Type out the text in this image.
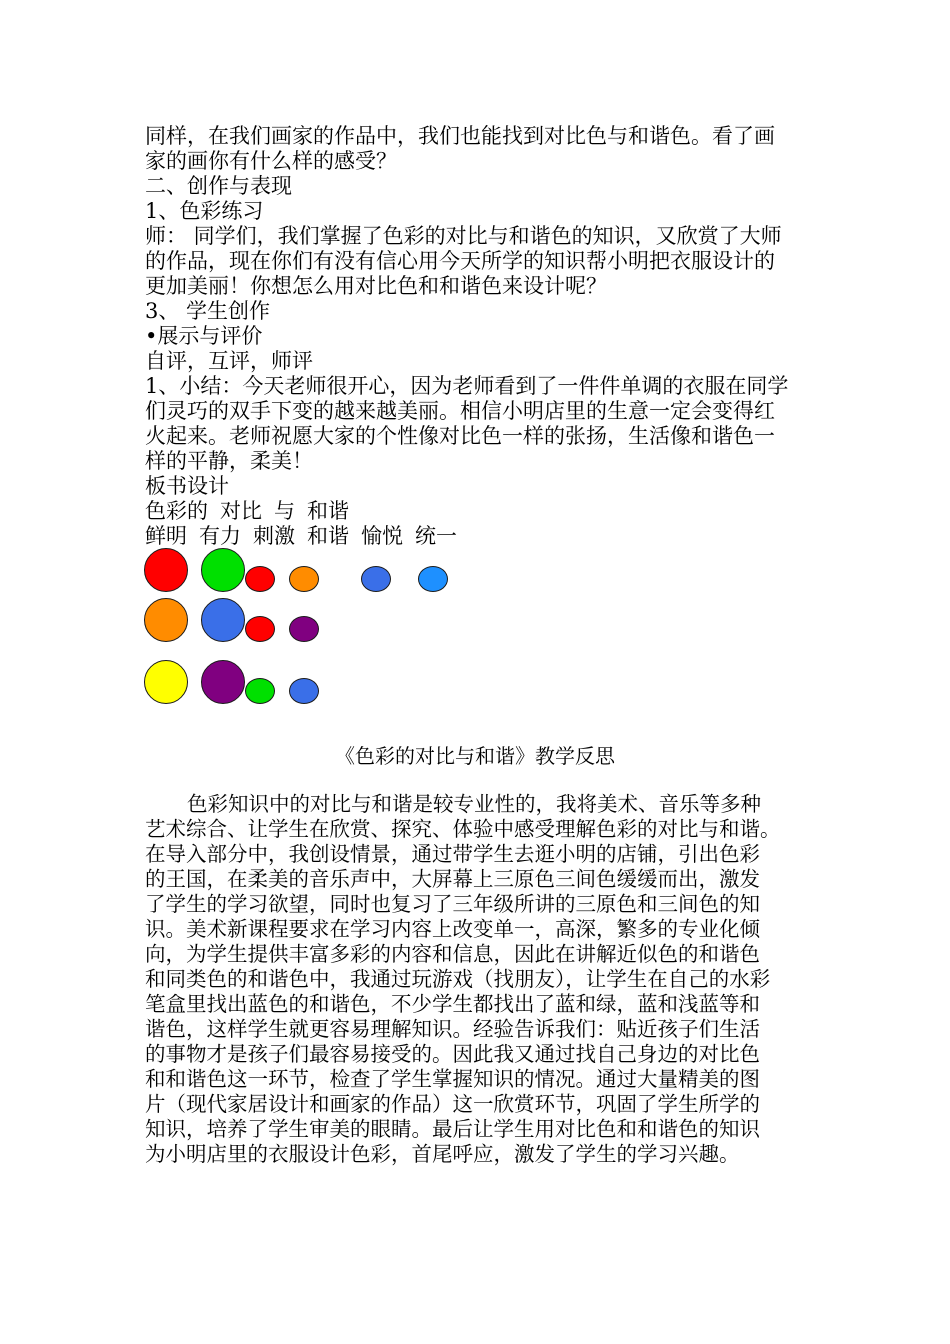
同样，在我们画家的作品中，我们也能找到对比色与和谐色。看了画
家的画你有什么样的感受？
二、创作与表现
1、色彩练习
师： 同学们，我们掌握了色彩的对比与和谐色的知识，又欣赏了大师
的作品，现在你们有没有信心用今天所学的知识帮小明把衣服设计的
更加美丽！你想怎么用对比色和和谐色来设计呢？
3、 学生创作
•展示与评价
自评，互评，师评
1、小结：今天老师很开心，因为老师看到了一件件单调的衣服在同学
们灵巧的双手下变的越来越美丽。相信小明店里的生意一定会变得红
火起来。老师祝愿大家的个性像对比色一样的张扬，生活像和谐色一
样的平静，柔美！
板书设计
色彩的 对比 与 和谐
鲜明 有力 刺激 和谐 愉悦 统一
《色彩的对比与和谐》教学反思
色彩知识中的对比与和谐是较专业性的，我将美术、音乐等多种
艺术综合、让学生在欣赏、探究、体验中感受理解色彩的对比与和谐。
在导入部分中，我创设情景，通过带学生去逛小明的店铺，引出色彩
的王国，在柔美的音乐声中，大屏幕上三原色三间色缓缓而出，激发
了学生的学习欲望，同时也复习了三年级所讲的三原色和三间色的知
识。美术新课程要求在学习内容上改变单一，高深，繁多的专业化倾
向，为学生提供丰富多彩的内容和信息，因此在讲解近似色的和谐色
和同类色的和谐色中，我通过玩游戏（找朋友），让学生在自己的水彩
笔盒里找出蓝色的和谐色，不少学生都找出了蓝和绿，蓝和浅蓝等和
谐色，这样学生就更容易理解知识。经验告诉我们：贴近孩子们生活
的事物才是孩子们最容易接受的。因此我又通过找自己身边的对比色
和和谐色这一环节，检查了学生掌握知识的情况。通过大量精美的图
片（现代家居设计和画家的作品）这一欣赏环节，巩固了学生所学的
知识，培养了学生审美的眼睛。最后让学生用对比色和和谐色的知识
为小明店里的衣服设计色彩，首尾呼应，激发了学生的学习兴趣。
